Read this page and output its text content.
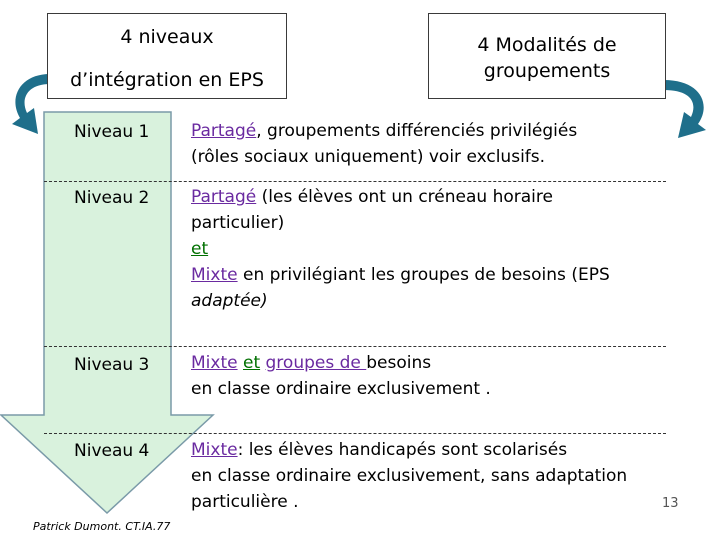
4 niveaux
d’intégration en EPS
4 Modalités de
groupements
Niveau 1 Partagé, groupements différenciés privilégiés
(rôles sociaux uniquement) voir exclusifs.
Niveau 2 Partagé (les élèves ont un créneau horaire
particulier)
et
Mixte en privilégiant les groupes de besoins (EPS
adaptée)
Niveau 3 Mixte et groupes de besoins
en classe ordinaire exclusivement .
Niveau 4 Mixte: les élèves handicapés sont scolarisés
en classe ordinaire exclusivement, sans adaptation
particulière .
Patrick Dumont. CT.IA.77
13
